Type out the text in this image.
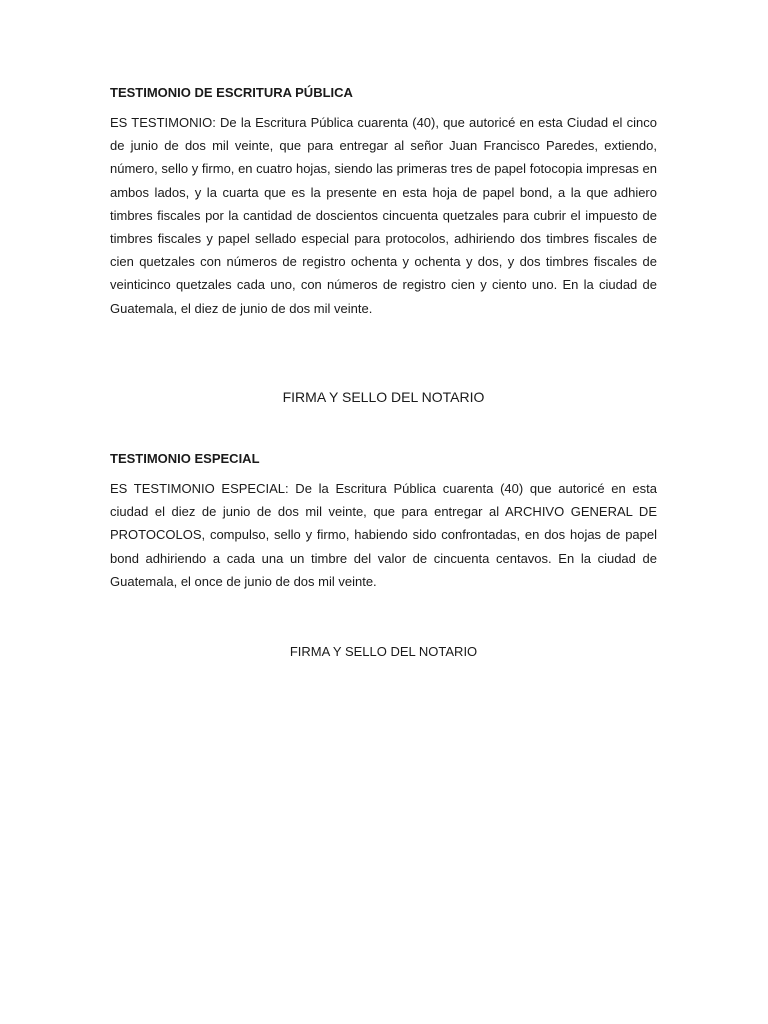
TESTIMONIO DE ESCRITURA PÚBLICA

ES TESTIMONIO: De la Escritura Pública cuarenta (40), que autoricé en esta Ciudad el cinco de junio de dos mil veinte, que para entregar al señor Juan Francisco Paredes, extiendo, número, sello y firmo, en cuatro hojas, siendo las primeras tres de papel fotocopia impresas en ambos lados, y la cuarta que es la presente en esta hoja de papel bond, a la que adhiero timbres fiscales por la cantidad de doscientos cincuenta quetzales para cubrir el impuesto de timbres fiscales y papel sellado especial para protocolos, adhiriendo dos timbres fiscales de cien quetzales con números de registro ochenta y ochenta y dos, y dos timbres fiscales de veinticinco quetzales cada uno, con números de registro cien y ciento uno. En la ciudad de Guatemala, el diez de junio de dos mil veinte.

FIRMA Y SELLO DEL NOTARIO

TESTIMONIO ESPECIAL

ES TESTIMONIO ESPECIAL: De la Escritura Pública cuarenta (40) que autoricé en esta ciudad el diez de junio de dos mil veinte, que para entregar al ARCHIVO GENERAL DE PROTOCOLOS, compulso, sello y firmo, habiendo sido confrontadas, en dos hojas de papel bond adhiriendo a cada una un timbre del valor de cincuenta centavos. En la ciudad de Guatemala, el once de junio de dos mil veinte.

FIRMA Y SELLO DEL NOTARIO
